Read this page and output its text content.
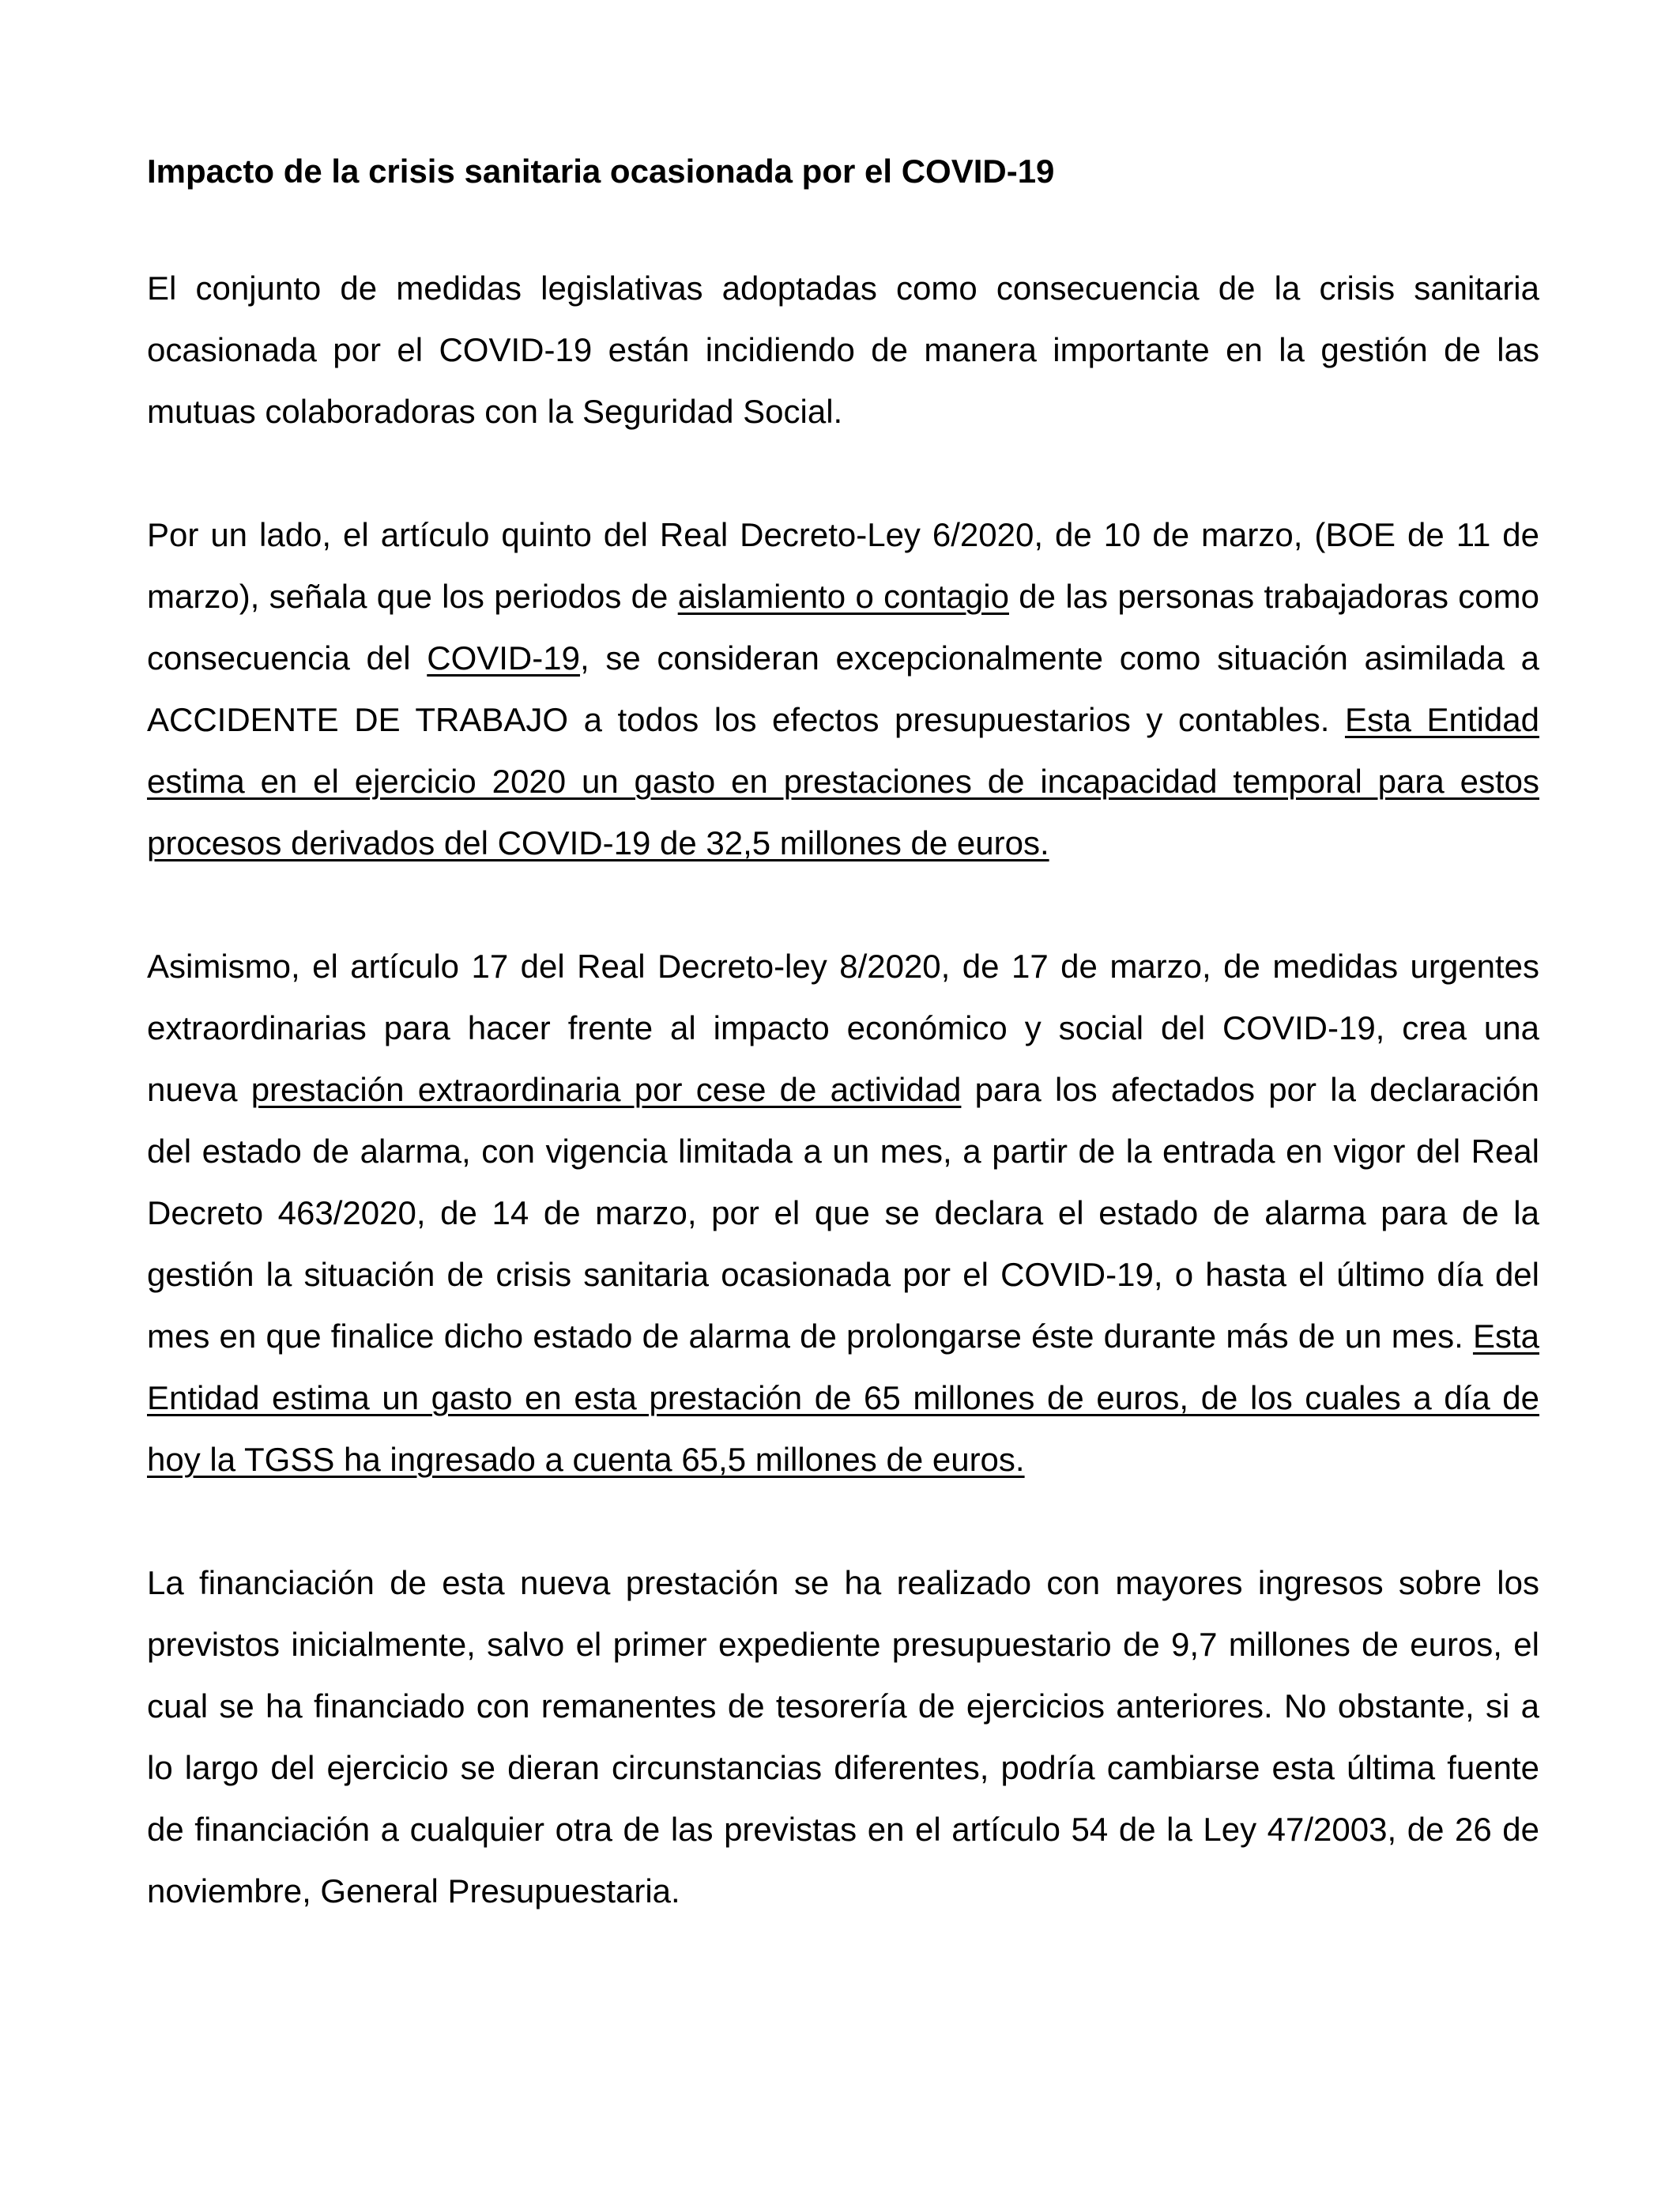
Impacto de la crisis sanitaria ocasionada por el COVID-19

El conjunto de medidas legislativas adoptadas como consecuencia de la crisis sanitaria ocasionada por el COVID-19 están incidiendo de manera importante en la gestión de las mutuas colaboradoras con la Seguridad Social.

Por un lado, el artículo quinto del Real Decreto-Ley 6/2020, de 10 de marzo, (BOE de 11 de marzo), señala que los periodos de aislamiento o contagio de las personas trabajadoras como consecuencia del COVID-19, se consideran excepcionalmente como situación asimilada a ACCIDENTE DE TRABAJO a todos los efectos presupuestarios y contables. Esta Entidad estima en el ejercicio 2020 un gasto en prestaciones de incapacidad temporal para estos procesos derivados del COVID-19 de 32,5 millones de euros.

Asimismo, el artículo 17 del Real Decreto-ley 8/2020, de 17 de marzo, de medidas urgentes extraordinarias para hacer frente al impacto económico y social del COVID-19, crea una nueva prestación extraordinaria por cese de actividad para los afectados por la declaración del estado de alarma, con vigencia limitada a un mes, a partir de la entrada en vigor del Real Decreto 463/2020, de 14 de marzo, por el que se declara el estado de alarma para de la gestión la situación de crisis sanitaria ocasionada por el COVID-19, o hasta el último día del mes en que finalice dicho estado de alarma de prolongarse éste durante más de un mes. Esta Entidad estima un gasto en esta prestación de 65 millones de euros, de los cuales a día de hoy la TGSS ha ingresado a cuenta 65,5 millones de euros.

La financiación de esta nueva prestación se ha realizado con mayores ingresos sobre los previstos inicialmente, salvo el primer expediente presupuestario de 9,7 millones de euros, el cual se ha financiado con remanentes de tesorería de ejercicios anteriores. No obstante, si a lo largo del ejercicio se dieran circunstancias diferentes, podría cambiarse esta última fuente de financiación a cualquier otra de las previstas en el artículo 54 de la Ley 47/2003, de 26 de noviembre, General Presupuestaria.
